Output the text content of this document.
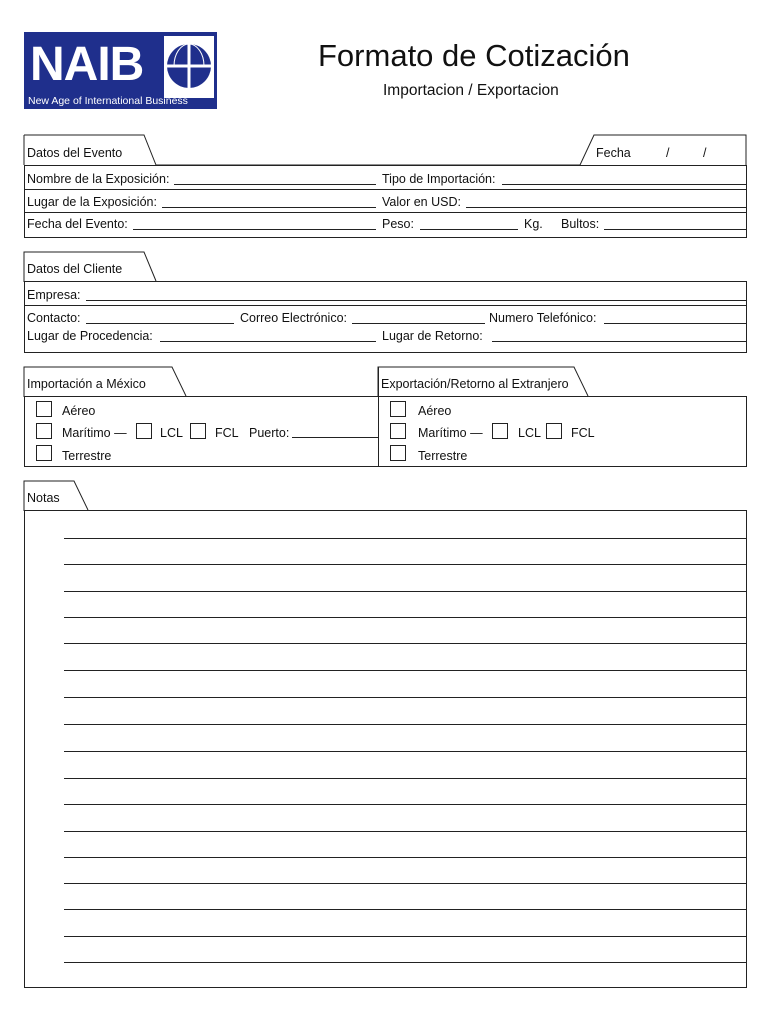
NAIB
New Age of International Business
Formato de Cotización
Importacion / Exportacion
Datos del Evento	Fecha	/	/
Nombre de la Exposición:	Tipo de Importación:
Lugar de la Exposición:	Valor en USD:
Fecha del Evento:	Peso:	Kg. Bultos:
Datos del Cliente
Empresa:
Contacto:	Correo Electrónico:	Numero Telefónico:
Lugar de Procedencia:	Lugar de Retorno:
Importación a México	Exportación/Retorno al Extranjero
Aéreo
Marítimo —	LCL	FCL Puerto:
Terrestre
Aéreo
Marítimo —	LCL FCL
Terrestre
Notas
